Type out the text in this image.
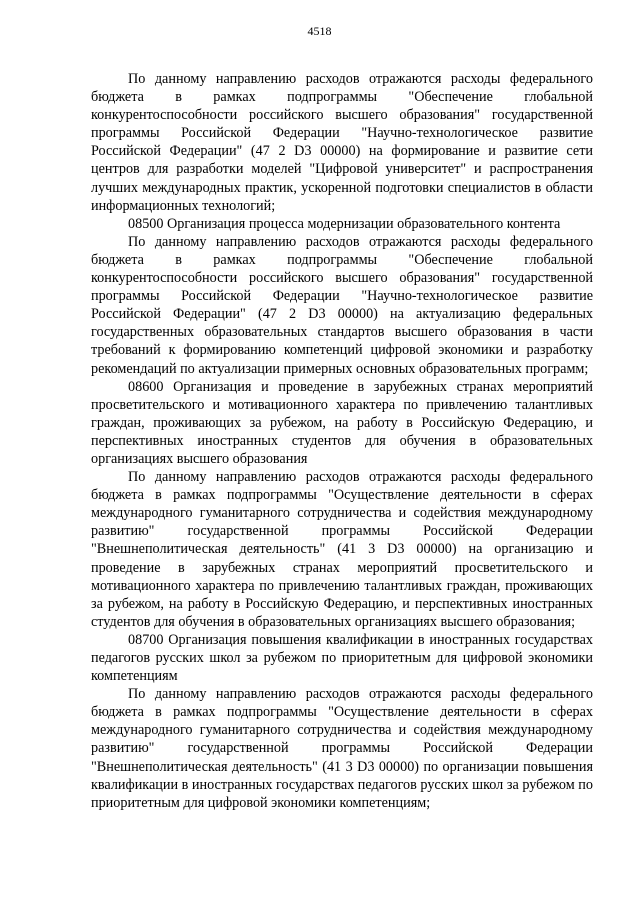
4518

По данному направлению расходов отражаются расходы федерального бюджета в рамках подпрограммы "Обеспечение глобальной конкурентоспособности российского высшего образования" государственной программы Российской Федерации "Научно-технологическое развитие Российской Федерации" (47 2 D3 00000) на формирование и развитие сети центров для разработки моделей "Цифровой университет" и распространения лучших международных практик, ускоренной подготовки специалистов в области информационных технологий;

08500 Организация процесса модернизации образовательного контента

По данному направлению расходов отражаются расходы федерального бюджета в рамках подпрограммы "Обеспечение глобальной конкурентоспособности российского высшего образования" государственной программы Российской Федерации "Научно-технологическое развитие Российской Федерации" (47 2 D3 00000) на актуализацию федеральных государственных образовательных стандартов высшего образования в части требований к формированию компетенций цифровой экономики и разработку рекомендаций по актуализации примерных основных образовательных программ;

08600 Организация и проведение в зарубежных странах мероприятий просветительского и мотивационного характера по привлечению талантливых граждан, проживающих за рубежом, на работу в Российскую Федерацию, и перспективных иностранных студентов для обучения в образовательных организациях высшего образования

По данному направлению расходов отражаются расходы федерального бюджета в рамках подпрограммы "Осуществление деятельности в сферах международного гуманитарного сотрудничества и содействия международному развитию" государственной программы Российской Федерации "Внешнеполитическая деятельность" (41 3 D3 00000) на организацию и проведение в зарубежных странах мероприятий просветительского и мотивационного характера по привлечению талантливых граждан, проживающих за рубежом, на работу в Российскую Федерацию, и перспективных иностранных студентов для обучения в образовательных организациях высшего образования;

08700 Организация повышения квалификации в иностранных государствах педагогов русских школ за рубежом по приоритетным для цифровой экономики компетенциям

По данному направлению расходов отражаются расходы федерального бюджета в рамках подпрограммы "Осуществление деятельности в сферах международного гуманитарного сотрудничества и содействия международному развитию" государственной программы Российской Федерации "Внешнеполитическая деятельность" (41 3 D3 00000) по организации повышения квалификации в иностранных государствах педагогов русских школ за рубежом по приоритетным для цифровой экономики компетенциям;
